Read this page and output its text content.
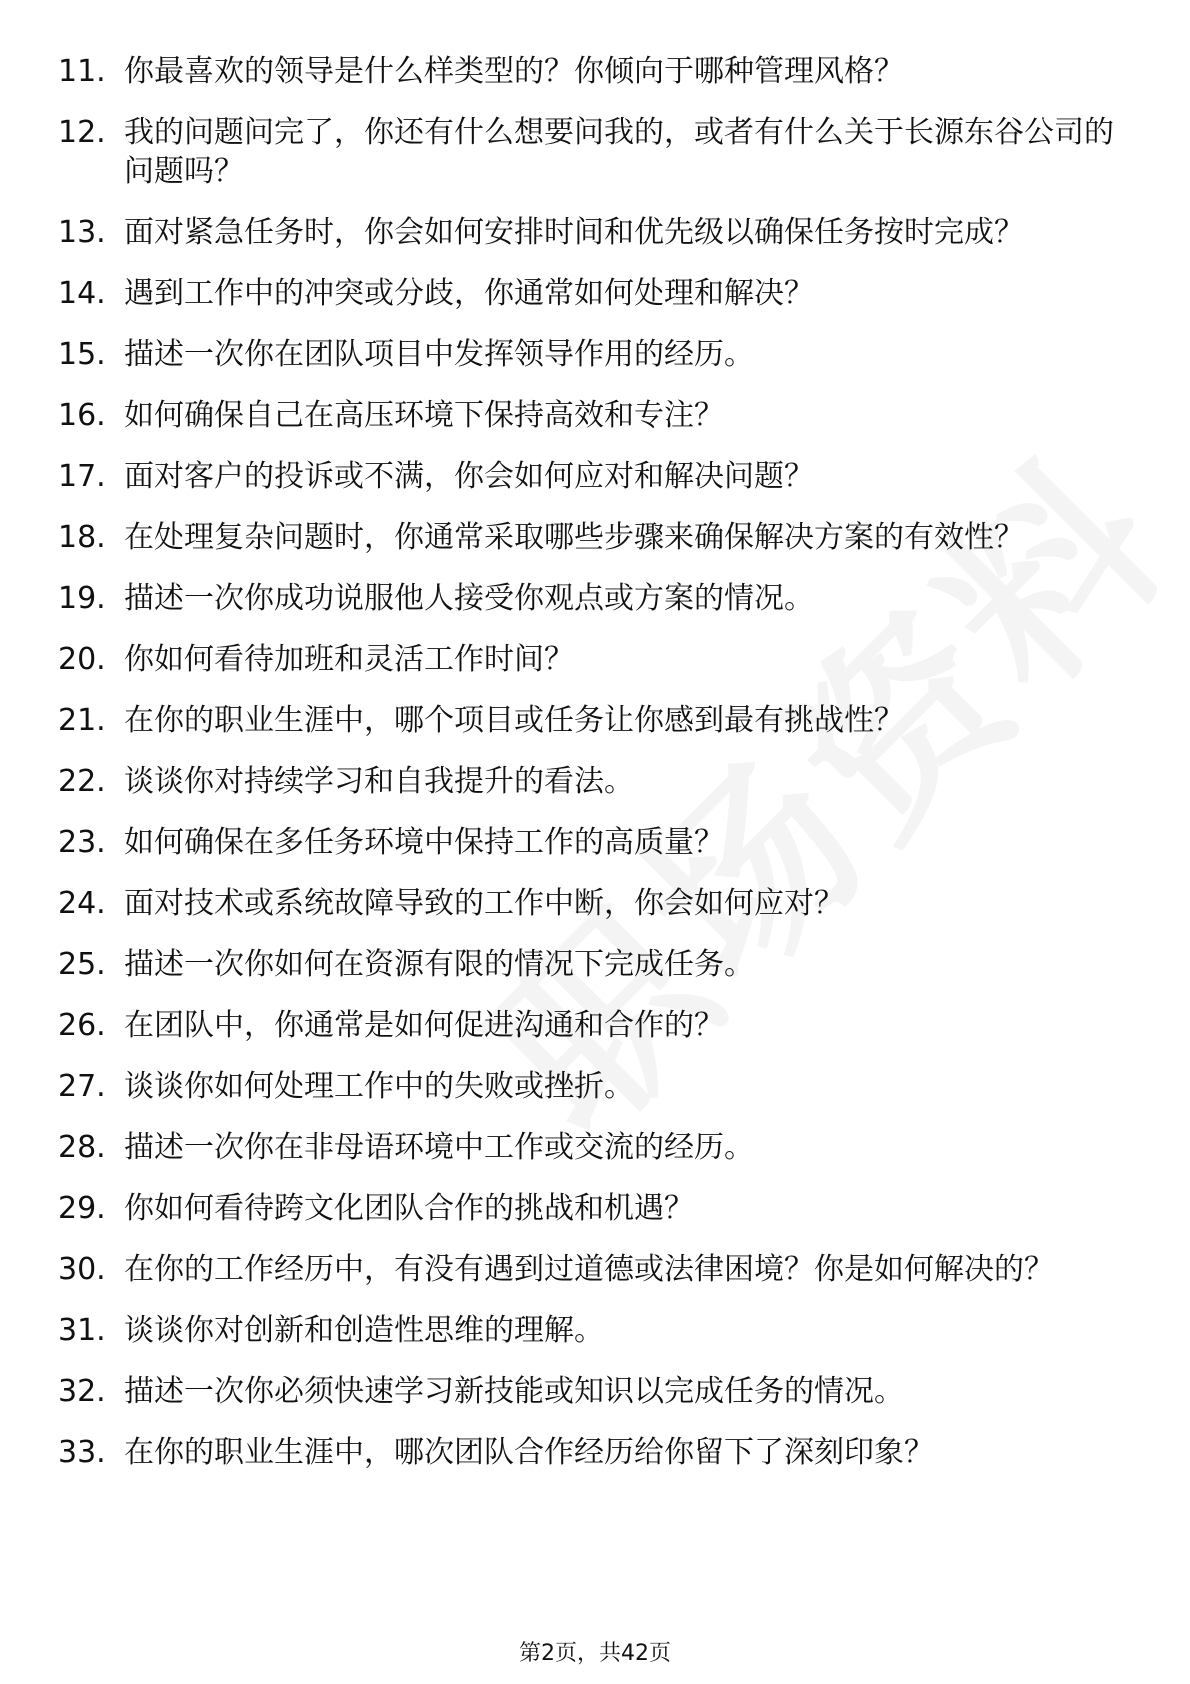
11. 你最喜欢的领导是什么样类型的？你倾向于哪种管理风格？
12. 我的问题问完了，你还有什么想要问我的，或者有什么关于长源东谷公司的问题吗？
13. 面对紧急任务时，你会如何安排时间和优先级以确保任务按时完成？
14. 遇到工作中的冲突或分歧，你通常如何处理和解决？
15. 描述一次你在团队项目中发挥领导作用的经历。
16. 如何确保自己在高压环境下保持高效和专注？
17. 面对客户的投诉或不满，你会如何应对和解决问题？
18. 在处理复杂问题时，你通常采取哪些步骤来确保解决方案的有效性？
19. 描述一次你成功说服他人接受你观点或方案的情况。
20. 你如何看待加班和灵活工作时间？
21. 在你的职业生涯中，哪个项目或任务让你感到最有挑战性？
22. 谈谈你对持续学习和自我提升的看法。
23. 如何确保在多任务环境中保持工作的高质量？
24. 面对技术或系统故障导致的工作中断，你会如何应对？
25. 描述一次你如何在资源有限的情况下完成任务。
26. 在团队中，你通常是如何促进沟通和合作的？
27. 谈谈你如何处理工作中的失败或挫折。
28. 描述一次你在非母语环境中工作或交流的经历。
29. 你如何看待跨文化团队合作的挑战和机遇？
30. 在你的工作经历中，有没有遇到过道德或法律困境？你是如何解决的？
31. 谈谈你对创新和创造性思维的理解。
32. 描述一次你必须快速学习新技能或知识以完成任务的情况。
33. 在你的职业生涯中，哪次团队合作经历给你留下了深刻印象？
第2页，共42页
